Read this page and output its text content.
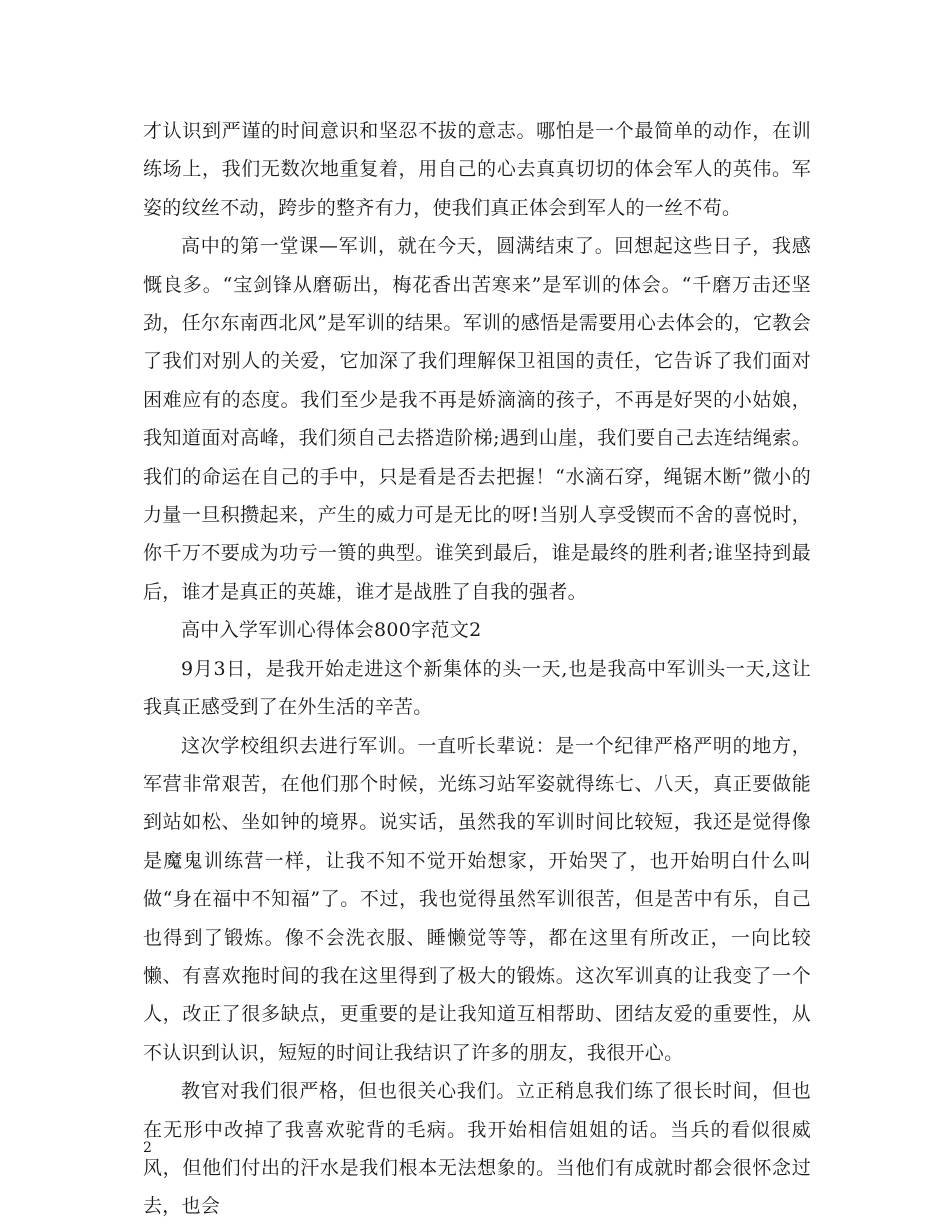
才认识到严谨的时间意识和坚忍不拔的意志。哪怕是一个最简单的动作，在训练场上，我们无数次地重复着，用自己的心去真真切切的体会军人的英伟。军姿的纹丝不动，跨步的整齐有力，使我们真正体会到军人的一丝不苟。

高中的第一堂课—军训，就在今天，圆满结束了。回想起这些日子，我感慨良多。“宝剑锋从磨砺出，梅花香出苦寒来”是军训的体会。“千磨万击还坚劲，任尔东南西北风”是军训的结果。军训的感悟是需要用心去体会的，它教会了我们对别人的关爱，它加深了我们理解保卫祖国的责任，它告诉了我们面对困难应有的态度。我们至少是我不再是娇滴滴的孩子，不再是好哭的小姑娘，我知道面对高峰，我们须自己去搭造阶梯;遇到山崖，我们要自己去连结绳索。我们的命运在自己的手中，只是看是否去把握！“水滴石穿，绳锯木断”微小的力量一旦积攒起来，产生的威力可是无比的呀!当别人享受锲而不舍的喜悦时，你千万不要成为功亏一篑的典型。谁笑到最后，谁是最终的胜利者;谁坚持到最后，谁才是真正的英雄，谁才是战胜了自我的强者。

高中入学军训心得体会800字范文2

9月3日，是我开始走进这个新集体的头一天,也是我高中军训头一天,这让我真正感受到了在外生活的辛苦。

这次学校组织去进行军训。一直听长辈说：是一个纪律严格严明的地方，军营非常艰苦，在他们那个时候，光练习站军姿就得练七、八天，真正要做能到站如松、坐如钟的境界。说实话，虽然我的军训时间比较短，我还是觉得像是魔鬼训练营一样，让我不知不觉开始想家，开始哭了，也开始明白什么叫做“身在福中不知福”了。不过，我也觉得虽然军训很苦，但是苦中有乐，自己也得到了锻炼。像不会洗衣服、睡懒觉等等，都在这里有所改正，一向比较懒、有喜欢拖时间的我在这里得到了极大的锻炼。这次军训真的让我变了一个人，改正了很多缺点，更重要的是让我知道互相帮助、团结友爱的重要性，从不认识到认识，短短的时间让我结识了许多的朋友，我很开心。

教官对我们很严格，但也很关心我们。立正稍息我们练了很长时间，但也在无形中改掉了我喜欢驼背的毛病。我开始相信姐姐的话。当兵的看似很威风，但他们付出的汗水是我们根本无法想象的。当他们有成就时都会很怀念过去，也会

2
